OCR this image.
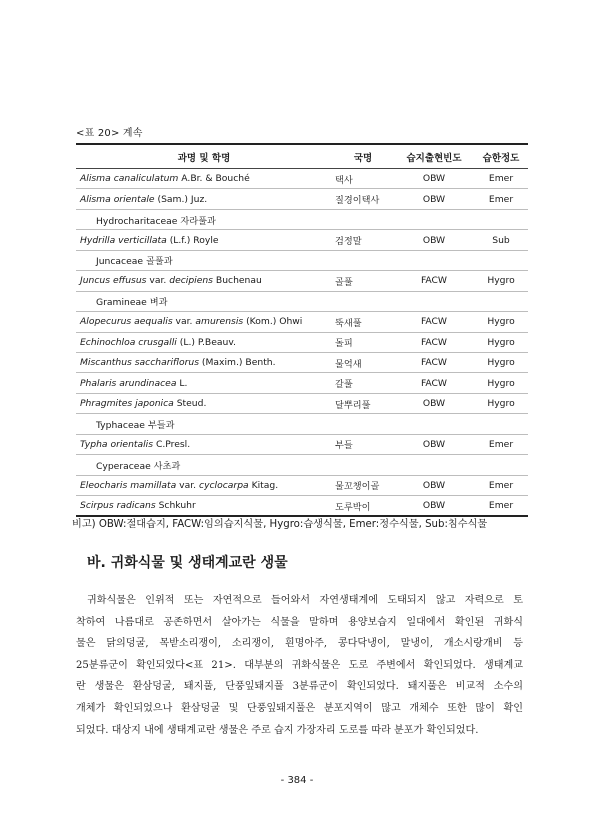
<표 20> 계속
과명 및 학명	국명	습지출현빈도	습한정도
Alisma canaliculatum A.Br. & Bouché	택사	OBW	Emer
Alisma orientale (Sam.) Juz.	질경이택사	OBW	Emer
Hydrocharitaceae 자라풀과			
Hydrilla verticillata (L.f.) Royle	검정말	OBW	Sub
Juncaceae 골풀과			
Juncus effusus var. decipiens Buchenau	골풀	FACW	Hygro
Gramineae 벼과			
Alopecurus aequalis var. amurensis (Kom.) Ohwi	뚝새풀	FACW	Hygro
Echinochloa crusgalli (L.) P.Beauv.	돌피	FACW	Hygro
Miscanthus sacchariflorus (Maxim.) Benth.	물억새	FACW	Hygro
Phalaris arundinacea L.	갈풀	FACW	Hygro
Phragmites japonica Steud.	달뿌리풀	OBW	Hygro
Typhaceae 부들과			
Typha orientalis C.Presl.	부들	OBW	Emer
Cyperaceae 사초과			
Eleocharis mamillata var. cyclocarpa Kitag.	물꼬챙이골	OBW	Emer
Scirpus radicans Schkuhr	도루박이	OBW	Emer
비고) OBW:절대습지, FACW:임의습지식물, Hygro:습생식물, Emer:정수식물, Sub:침수식물
바. 귀화식물 및 생태계교란 생물
귀화식물은 인위적 또는 자연적으로 들어와서 자연생태계에 도태되지 않고 자력으로 토
착하여 나름대로 공존하면서 살아가는 식물을 말하며 용양보습지 일대에서 확인된 귀화식
물은 닭의덩굴, 목받소리쟁이, 소리쟁이, 흰명아주, 콩다닥냉이, 말냉이, 개소시랑개비 등
25분류군이 확인되었다<표 21>. 대부분의 귀화식물은 도로 주변에서 확인되었다. 생태계교
란 생물은 환삼덩굴, 돼지풀, 단풍잎돼지풀 3분류군이 확인되었다. 돼지풀은 비교적 소수의
개체가 확인되었으나 환삼덩굴 및 단풍잎돼지풀은 분포지역이 많고 개체수 또한 많이 확인
되었다. 대상지 내에 생태계교란 생물은 주로 습지 가장자리 도로를 따라 분포가 확인되었다.
- 384 -
